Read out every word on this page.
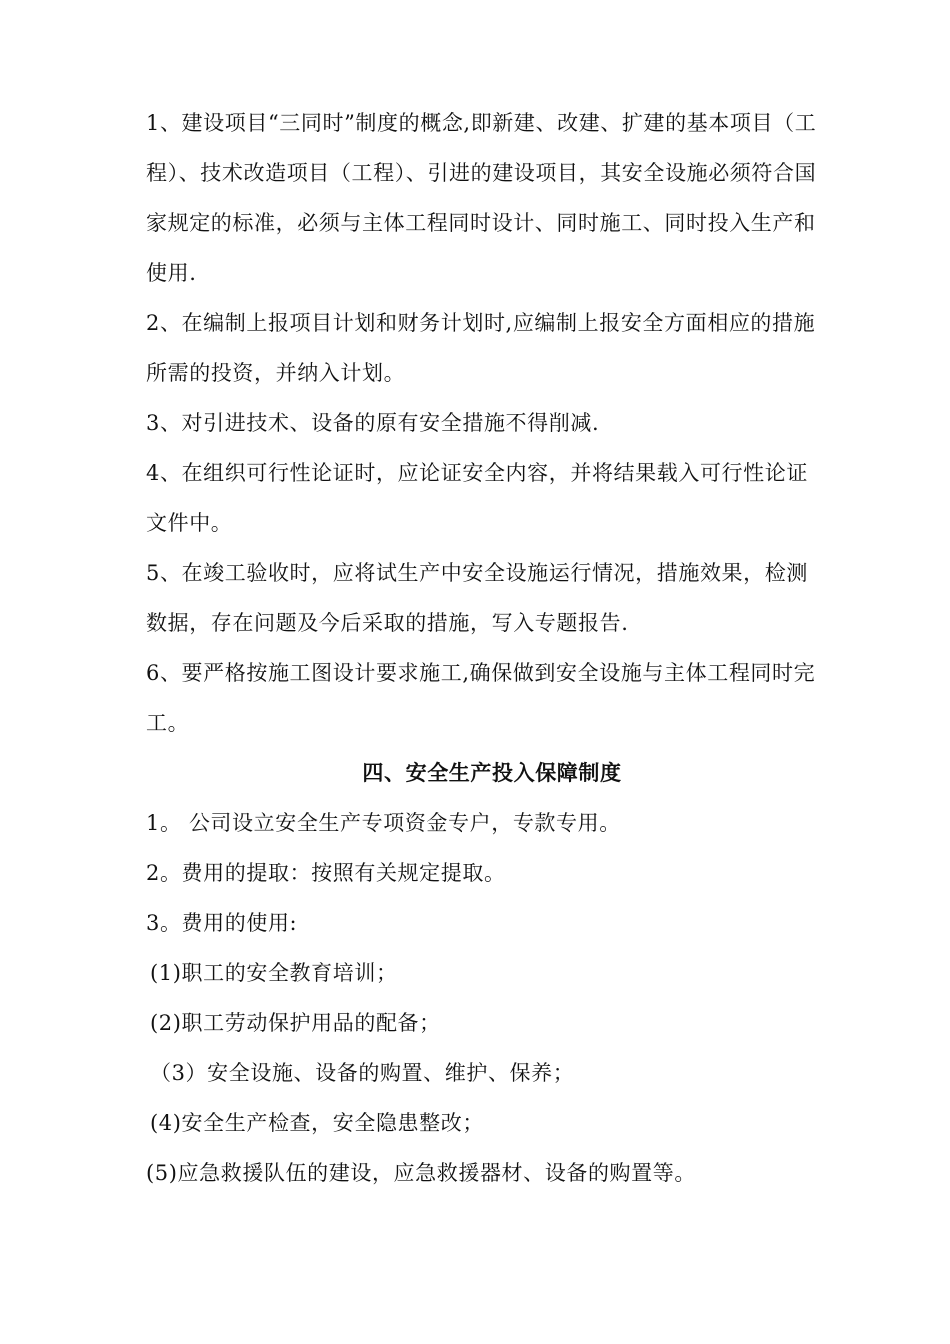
1、建设项目“三同时”制度的概念,即新建、改建、扩建的基本项目（工程）、技术改造项目（工程）、引进的建设项目，其安全设施必须符合国家规定的标准，必须与主体工程同时设计、同时施工、同时投入生产和使用.

2、在编制上报项目计划和财务计划时,应编制上报安全方面相应的措施所需的投资，并纳入计划。

3、对引进技术、设备的原有安全措施不得削减.

4、在组织可行性论证时，应论证安全内容，并将结果载入可行性论证文件中。

5、在竣工验收时，应将试生产中安全设施运行情况，措施效果，检测数据，存在问题及今后采取的措施，写入专题报告.

6、要严格按施工图设计要求施工,确保做到安全设施与主体工程同时完工。

四、安全生产投入保障制度

1。 公司设立安全生产专项资金专户，专款专用。

2。费用的提取：按照有关规定提取。

3。费用的使用:

(1)职工的安全教育培训；

(2)职工劳动保护用品的配备；

（3）安全设施、设备的购置、维护、保养；

(4)安全生产检查，安全隐患整改；

(5)应急救援队伍的建设，应急救援器材、设备的购置等。
